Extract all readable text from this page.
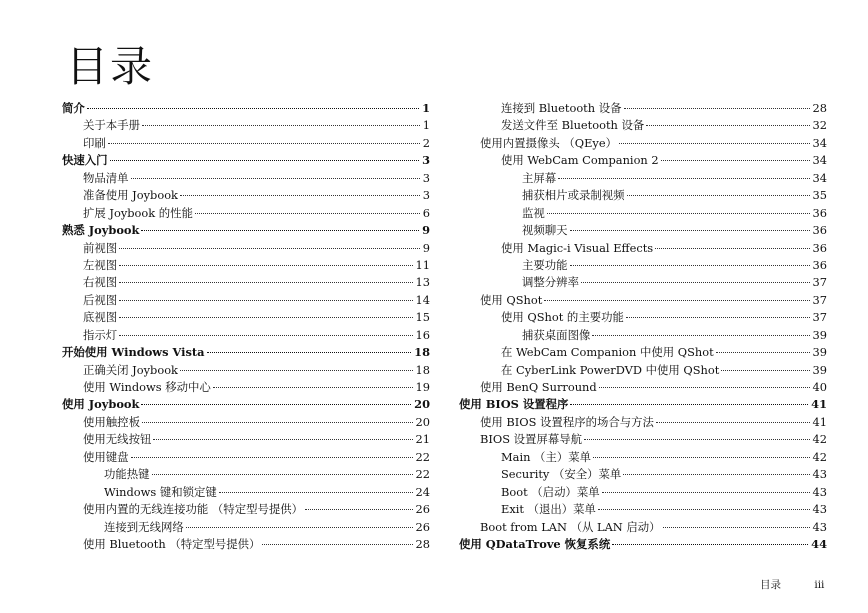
目录
简介	1
关于本手册	1
印刷	2
快速入门	3
物品清单	3
准备使用 Joybook	3
扩展 Joybook 的性能	6
熟悉 Joybook	9
前视图	9
左视图	11
右视图	13
后视图	14
底视图	15
指示灯	16
开始使用 Windows Vista	18
正确关闭 Joybook	18
使用 Windows 移动中心	19
使用 Joybook	20
使用触控板	20
使用无线按钮	21
使用键盘	22
功能热键	22
Windows 键和锁定键	24
使用内置的无线连接功能 （特定型号提供）	26
连接到无线网络	26
使用 Bluetooth （特定型号提供）	28
连接到 Bluetooth 设备	28
发送文件至 Bluetooth 设备	32
使用内置摄像头 （QEye）	34
使用 WebCam Companion 2	34
主屏幕	34
捕获相片或录制视频	35
监视	36
视频聊天	36
使用 Magic-i Visual Effects	36
主要功能	36
调整分辨率	37
使用 QShot	37
使用 QShot 的主要功能	37
捕获桌面图像	39
在 WebCam Companion 中使用 QShot	39
在 CyberLink PowerDVD 中使用 QShot	39
使用 BenQ Surround	40
使用 BIOS 设置程序	41
使用 BIOS 设置程序的场合与方法	41
BIOS 设置屏幕导航	42
Main （主）菜单	42
Security （安全）菜单	43
Boot （启动）菜单	43
Exit （退出）菜单	43
Boot from LAN （从 LAN 启动）	43
使用 QDataTrove 恢复系统	44
目录	iii
